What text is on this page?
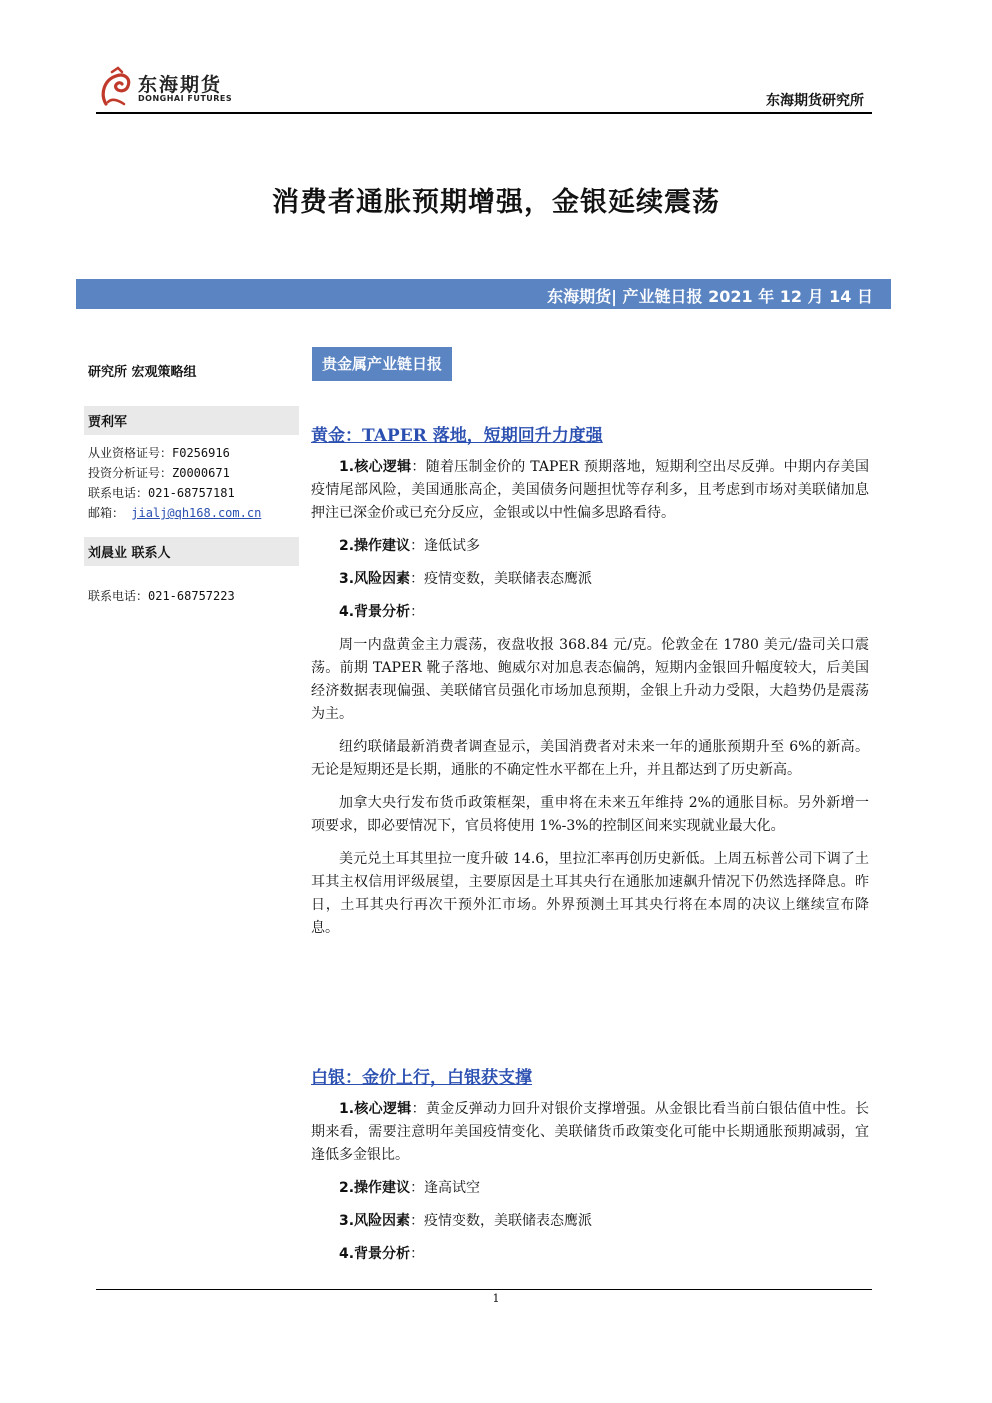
东海期货
DONGHAI FUTURES	东海期货研究所
消费者通胀预期增强，金银延续震荡
东海期货| 产业链日报 2021 年 12 月 14 日
研究所 宏观策略组
贾利军
从业资格证号：F0256916
投资分析证号：Z0000671
联系电话：021-68757181
邮箱： jialj@qh168.com.cn
刘晨业 联系人
联系电话：021-68757223
贵金属产业链日报
黄金：TAPER 落地，短期回升力度强

1.核心逻辑：随着压制金价的 TAPER 预期落地，短期利空出尽反弹。中期内存美国疫情尾部风险，美国通胀高企，美国债务问题担忧等存利多，且考虑到市场对美联储加息押注已深金价或已充分反应，金银或以中性偏多思路看待。

2.操作建议：逢低试多

3.风险因素：疫情变数，美联储表态鹰派

4.背景分析：

周一内盘黄金主力震荡，夜盘收报 368.84 元/克。伦敦金在 1780 美元/盎司关口震荡。前期 TAPER 靴子落地、鲍威尔对加息表态偏鸽，短期内金银回升幅度较大，后美国经济数据表现偏强、美联储官员强化市场加息预期，金银上升动力受限，大趋势仍是震荡为主。

纽约联储最新消费者调查显示，美国消费者对未来一年的通胀预期升至 6%的新高。无论是短期还是长期，通胀的不确定性水平都在上升，并且都达到了历史新高。

加拿大央行发布货币政策框架，重申将在未来五年维持 2%的通胀目标。另外新增一项要求，即必要情况下，官员将使用 1%-3%的控制区间来实现就业最大化。

美元兑土耳其里拉一度升破 14.6，里拉汇率再创历史新低。上周五标普公司下调了土耳其主权信用评级展望，主要原因是土耳其央行在通胀加速飙升情况下仍然选择降息。昨日，土耳其央行再次干预外汇市场。外界预测土耳其央行将在本周的决议上继续宣布降息。

白银：金价上行，白银获支撑

1.核心逻辑：黄金反弹动力回升对银价支撑增强。从金银比看当前白银估值中性。长期来看，需要注意明年美国疫情变化、美联储货币政策变化可能中长期通胀预期减弱，宜逢低多金银比。

2.操作建议：逢高试空

3.风险因素：疫情变数，美联储表态鹰派

4.背景分析：

1
